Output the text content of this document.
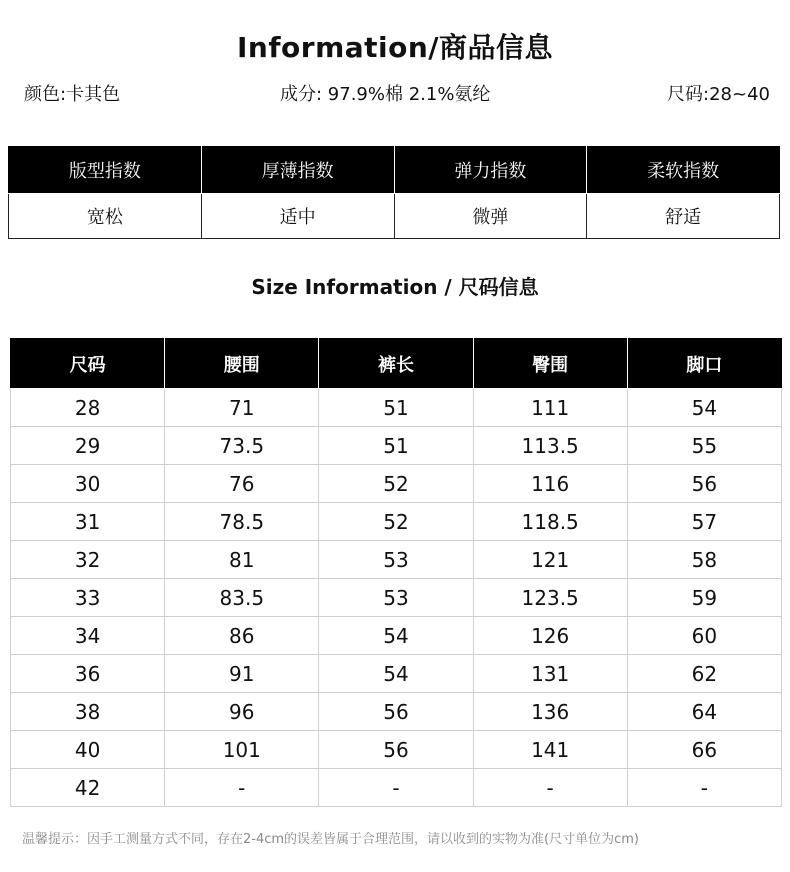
Information/商品信息
颜色:卡其色	成分: 97.9%棉 2.1%氨纶	尺码:28~40
版型指数	厚薄指数	弹力指数	柔软指数
宽松	适中	微弹	舒适
Size Information / 尺码信息
尺码	腰围	裤长	臀围	脚口
28	71	51	111	54
29	73.5	51	113.5	55
30	76	52	116	56
31	78.5	52	118.5	57
32	81	53	121	58
33	83.5	53	123.5	59
34	86	54	126	60
36	91	54	131	62
38	96	56	136	64
40	101	56	141	66
42	-	-	-	-
温馨提示：因手工测量方式不同，存在2-4cm的误差皆属于合理范围，请以收到的实物为准(尺寸单位为cm)
